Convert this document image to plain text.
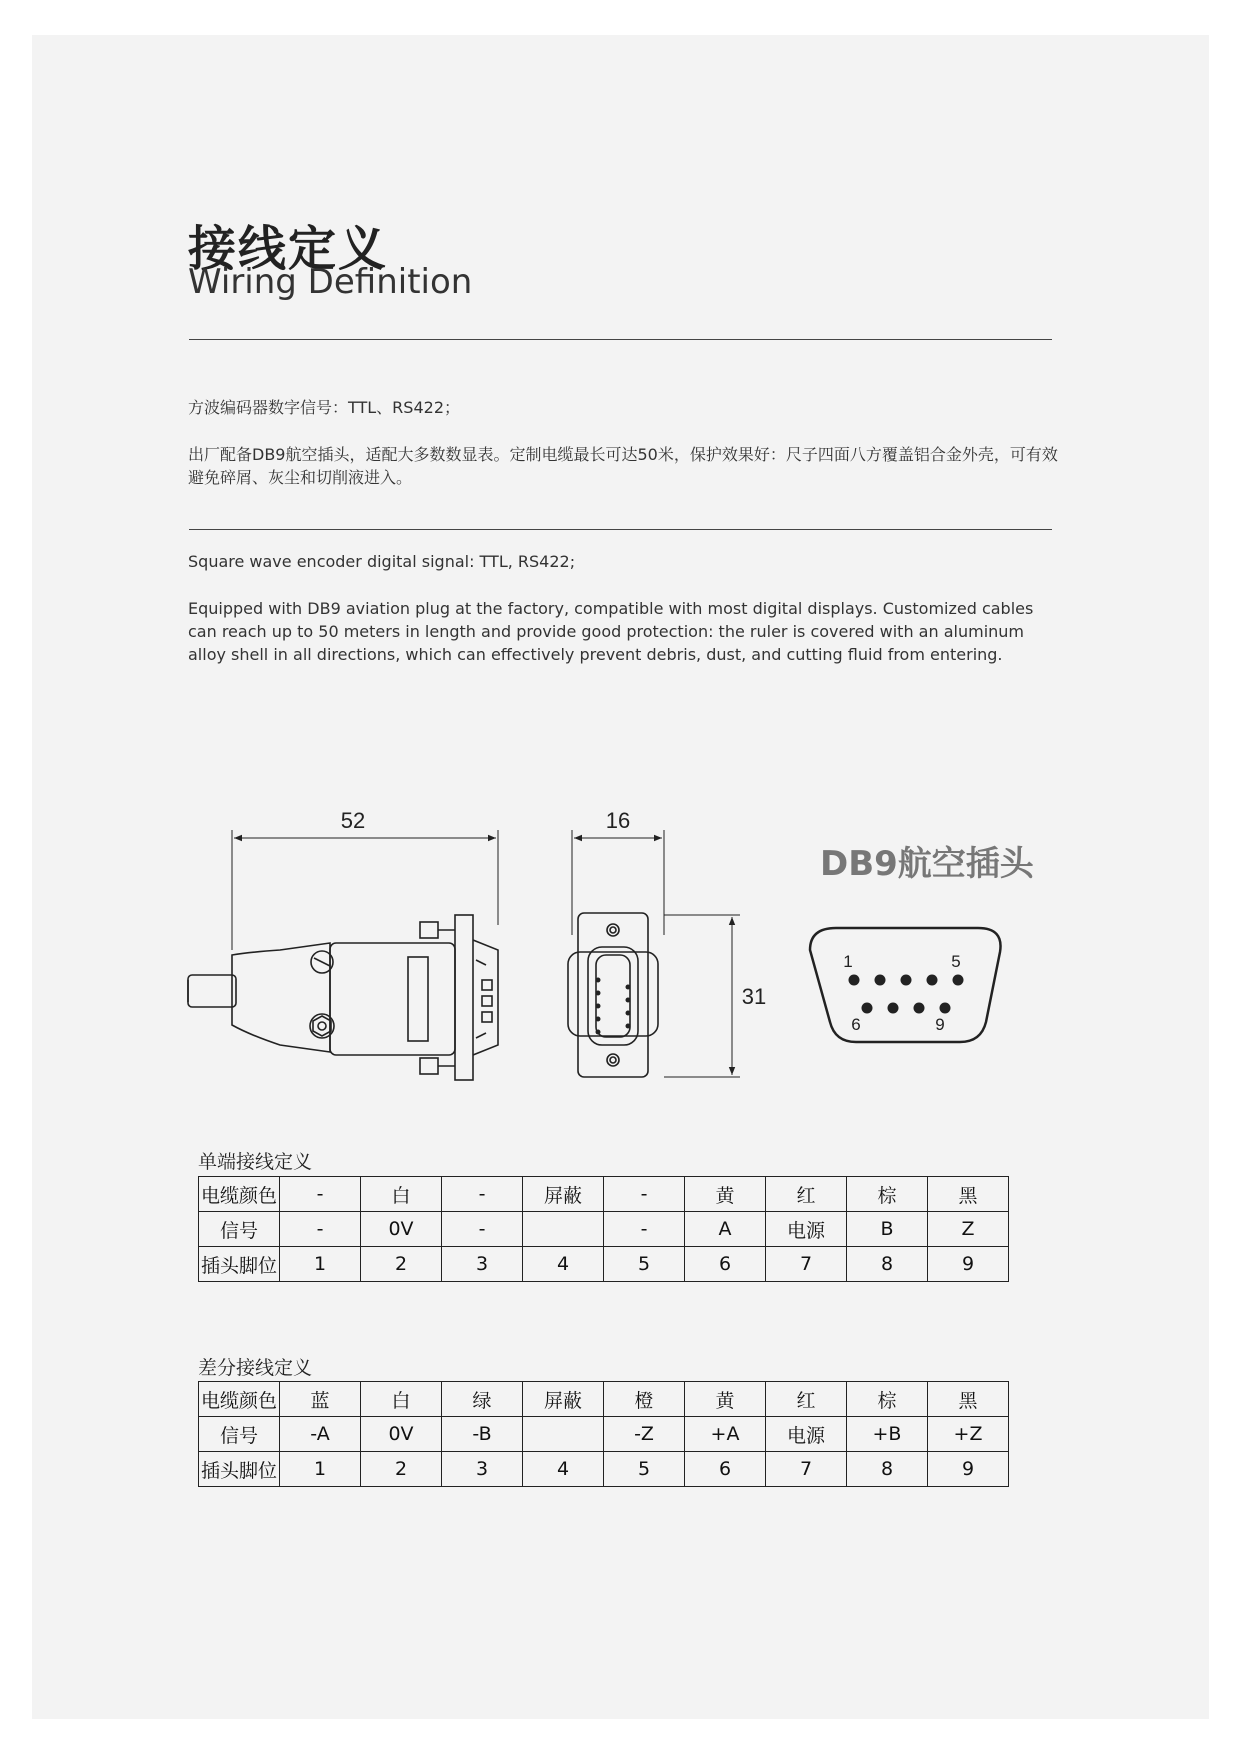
接线定义
Wiring Definition
方波编码器数字信号：TTL、RS422；
出厂配备DB9航空插头，适配大多数数显表。定制电缆最长可达50米，保护效果好：尺子四面八方覆盖铝合金外壳，可有效避免碎屑、灰尘和切削液进入。
Square wave encoder digital signal: TTL, RS422;
Equipped with DB9 aviation plug at the factory, compatible with most digital displays. Customized cables can reach up to 50 meters in length and provide good protection: the ruler is covered with an aluminum alloy shell in all directions, which can effectively prevent debris, dust, and cutting fluid from entering.
52	16
31
1	5
6	9
DB9航空插头
单端接线定义
电缆颜色	-	白	-	屏蔽	-	黄	红	棕	黑
信号	-	0V	-		-	A	电源	B	Z
插头脚位	1	2	3	4	5	6	7	8	9
差分接线定义
电缆颜色	蓝	白	绿	屏蔽	橙	黄	红	棕	黑
信号	-A	0V	-B		-Z	+A	电源	+B	+Z
插头脚位	1	2	3	4	5	6	7	8	9
